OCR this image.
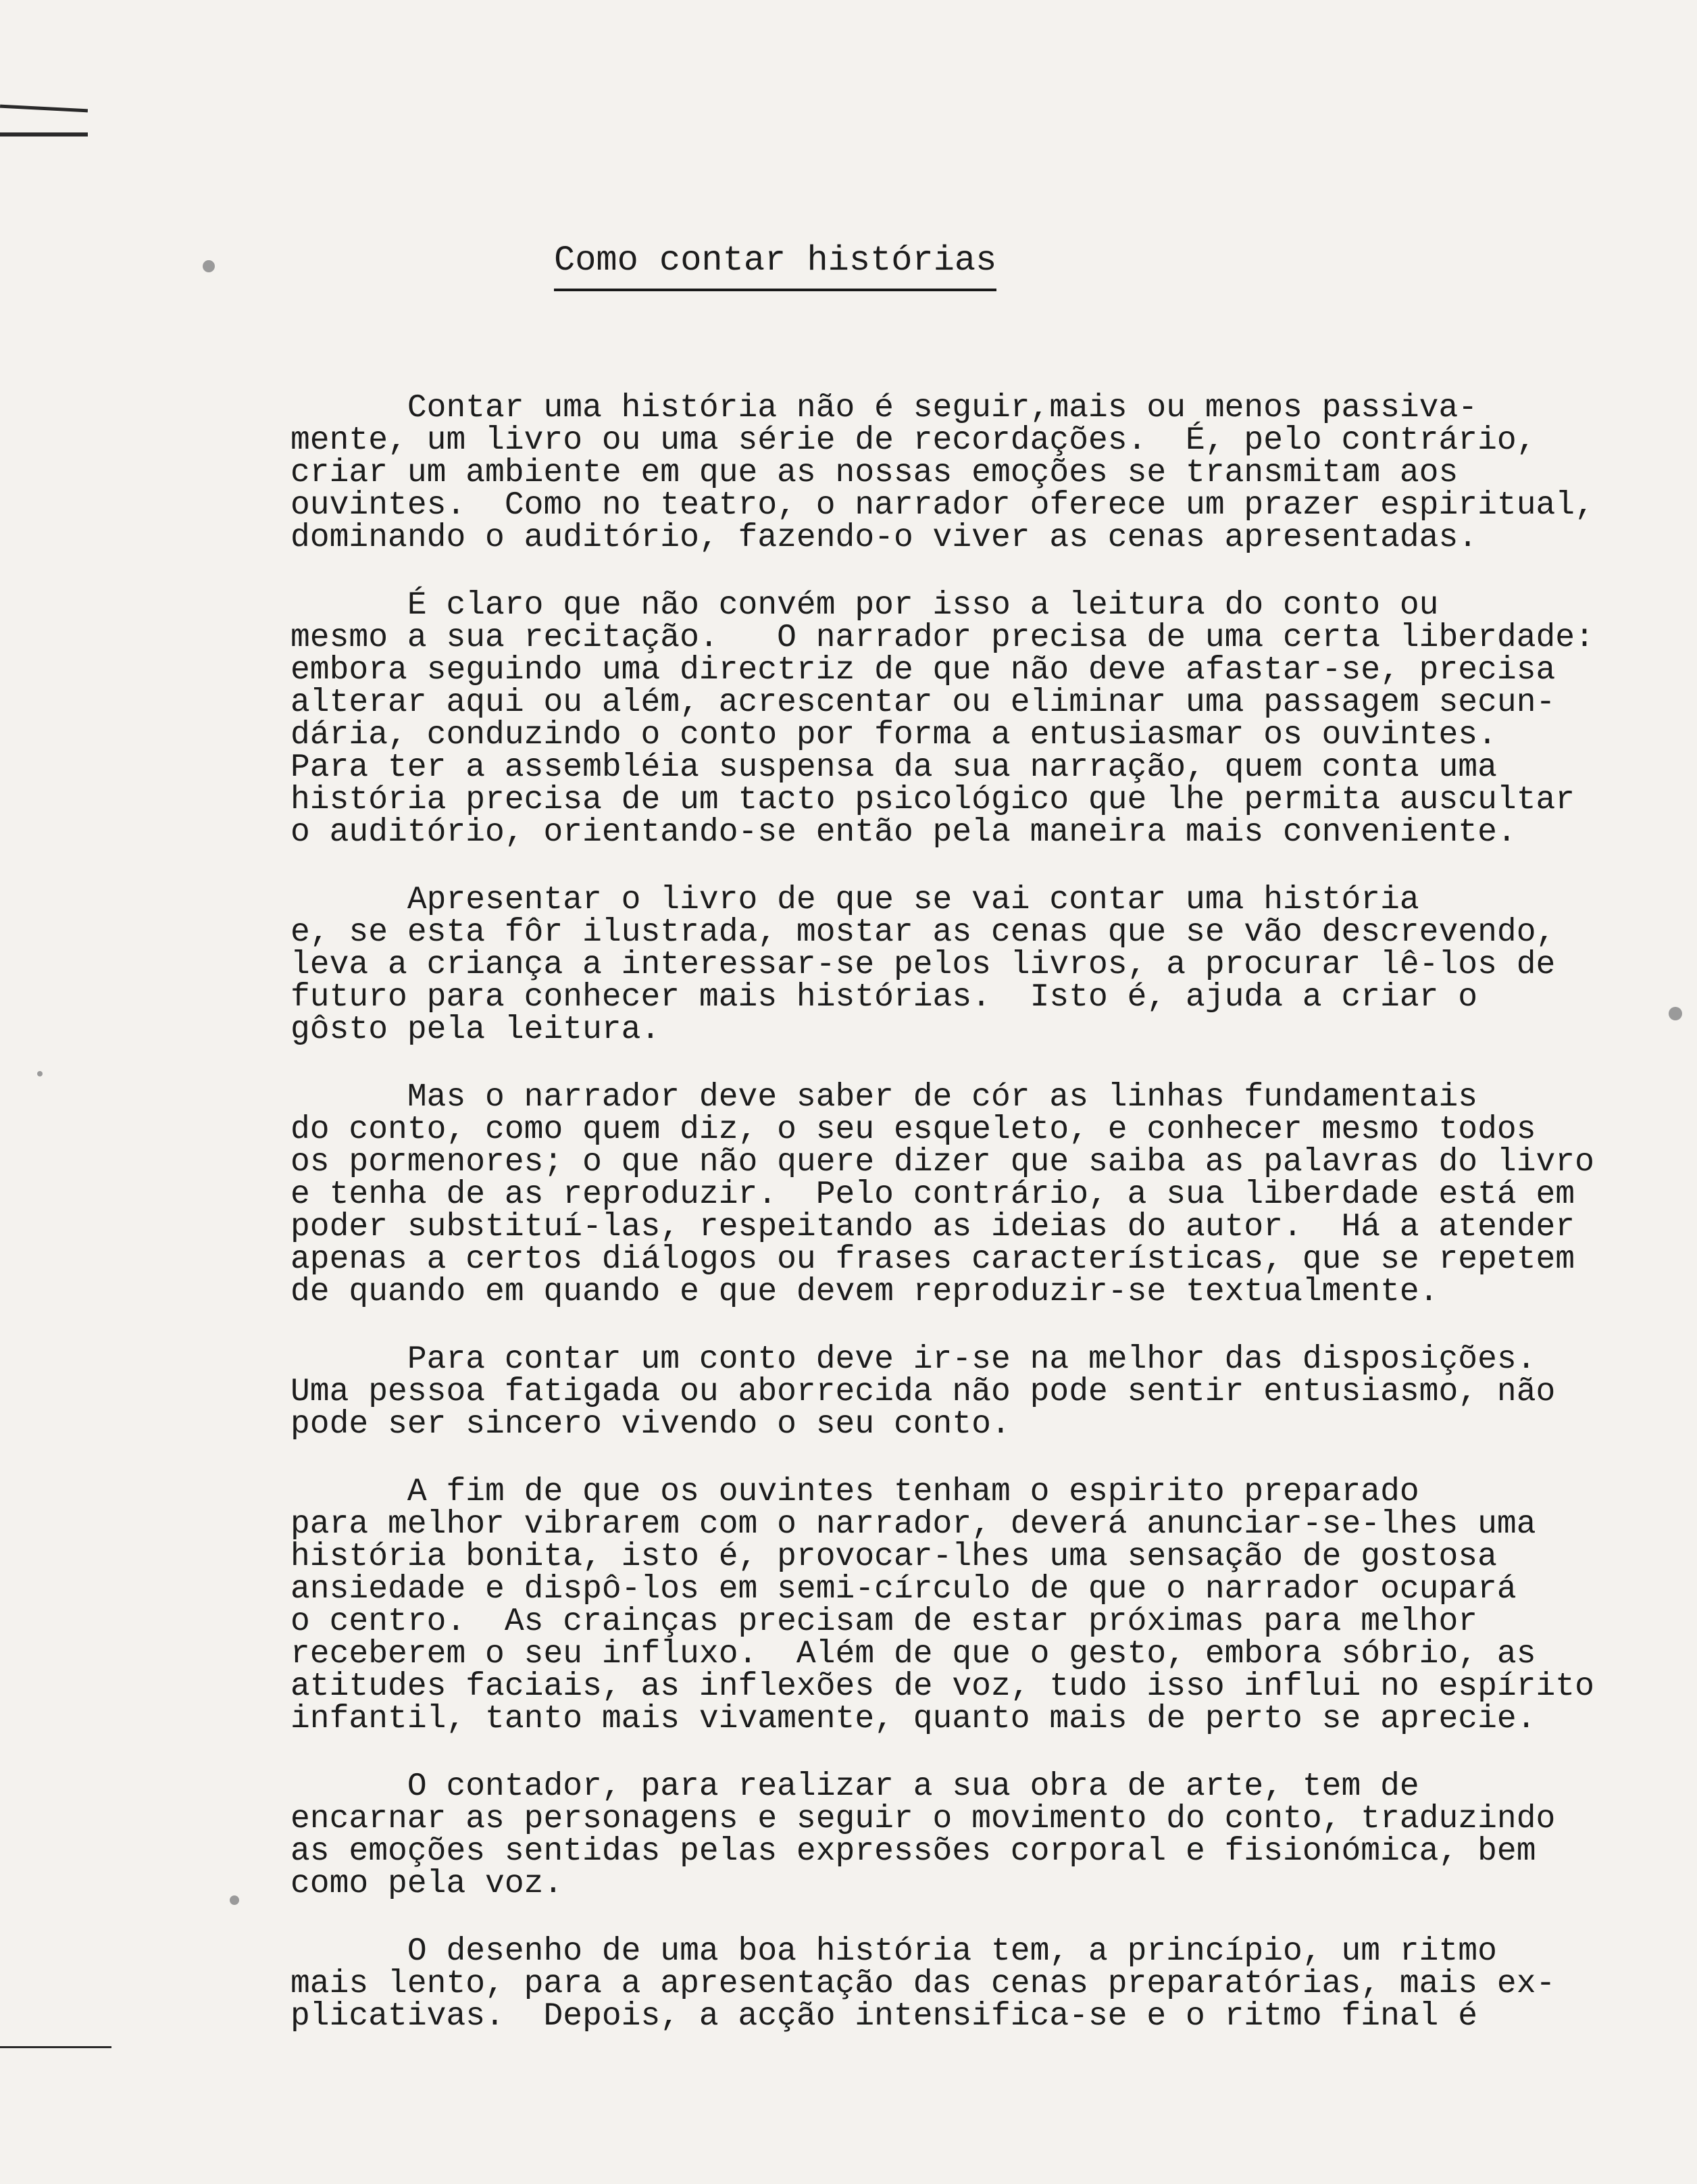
Como contar histórias
Contar uma história não é seguir,mais ou menos passiva-
mente, um livro ou uma série de recordações.  É, pelo contrário,
criar um ambiente em que as nossas emoções se transmitam aos
ouvintes.  Como no teatro, o narrador oferece um prazer espiritual,
dominando o auditório, fazendo-o viver as cenas apresentadas.
É claro que não convém por isso a leitura do conto ou
mesmo a sua recitação.   O narrador precisa de uma certa liberdade:
embora seguindo uma directriz de que não deve afastar-se, precisa
alterar aqui ou além, acrescentar ou eliminar uma passagem secun-
dária, conduzindo o conto por forma a entusiasmar os ouvintes.
Para ter a assembléia suspensa da sua narração, quem conta uma
história precisa de um tacto psicológico que lhe permita auscultar
o auditório, orientando-se então pela maneira mais conveniente.
Apresentar o livro de que se vai contar uma história
e, se esta fôr ilustrada, mostar as cenas que se vão descrevendo,
leva a criança a interessar-se pelos livros, a procurar lê-los de
futuro para conhecer mais histórias.  Isto é, ajuda a criar o
gôsto pela leitura.
Mas o narrador deve saber de cór as linhas fundamentais
do conto, como quem diz, o seu esqueleto, e conhecer mesmo todos
os pormenores; o que não quere dizer que saiba as palavras do livro
e tenha de as reproduzir.  Pelo contrário, a sua liberdade está em
poder substituí-las, respeitando as ideias do autor.  Há a atender
apenas a certos diálogos ou frases características, que se repetem
de quando em quando e que devem reproduzir-se textualmente.
Para contar um conto deve ir-se na melhor das disposições.
Uma pessoa fatigada ou aborrecida não pode sentir entusiasmo, não
pode ser sincero vivendo o seu conto.
A fim de que os ouvintes tenham o espirito preparado
para melhor vibrarem com o narrador, deverá anunciar-se-lhes uma
história bonita, isto é, provocar-lhes uma sensação de gostosa
ansiedade e dispô-los em semi-círculo de que o narrador ocupará
o centro.  As crainças precisam de estar próximas para melhor
receberem o seu influxo.  Além de que o gesto, embora sóbrio, as
atitudes faciais, as inflexões de voz, tudo isso influi no espírito
infantil, tanto mais vivamente, quanto mais de perto se aprecie.
O contador, para realizar a sua obra de arte, tem de
encarnar as personagens e seguir o movimento do conto, traduzindo
as emoções sentidas pelas expressões corporal e fisionómica, bem
como pela voz.
O desenho de uma boa história tem, a princípio, um ritmo
mais lento, para a apresentação das cenas preparatórias, mais ex-
plicativas.  Depois, a acção intensifica-se e o ritmo final é
